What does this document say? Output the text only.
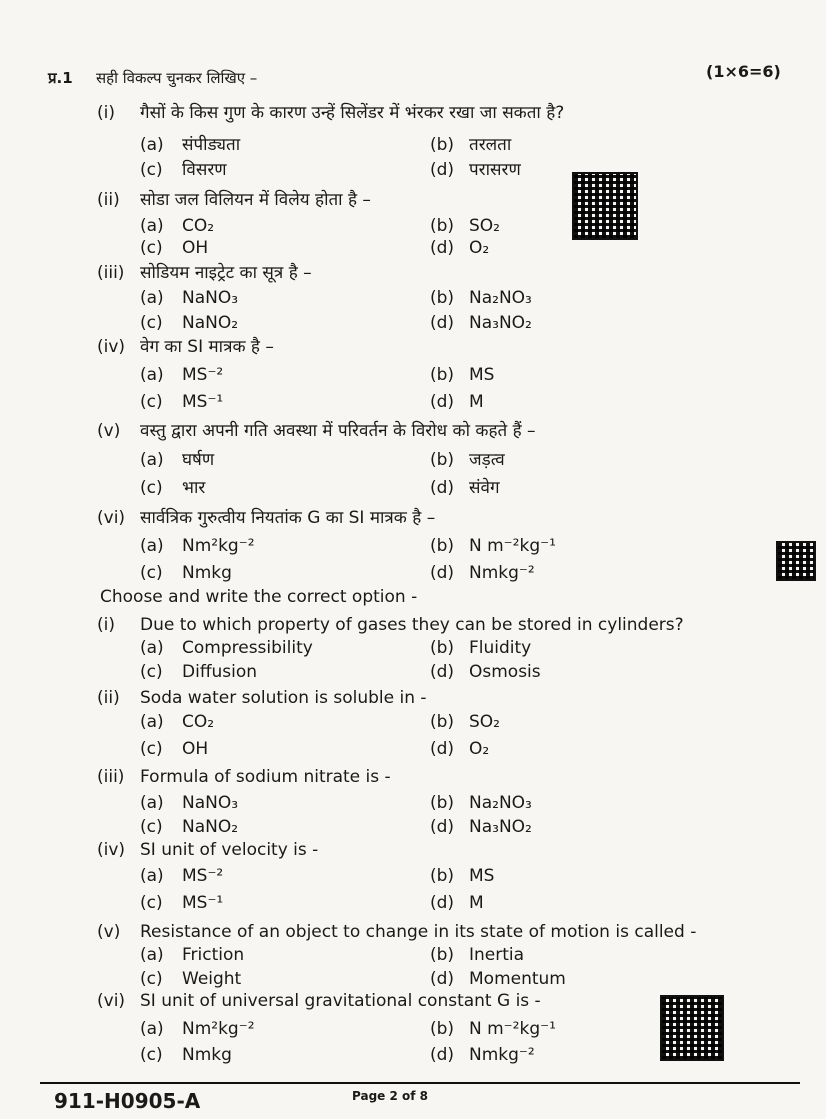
प्र.1 सही विकल्प चुनकर लिखिए –	(1×6=6)
(i) गैसों के किस गुण के कारण उन्हें सिलेंडर में भंरकर रखा जा सकता है?
(a) संपीड्यता	(b) तरलता
(c) विसरण	(d) परासरण
(ii) सोडा जल विलियन में विलेय होता है –
(a) CO₂	(b) SO₂
(c) OH	(d) O₂
(iii) सोडियम नाइट्रेट का सूत्र है –
(a) NaNO₃	(b) Na₂NO₃
(c) NaNO₂	(d) Na₃NO₂
(iv) वेग का SI मात्रक है –
(a) MS⁻²	(b) MS
(c) MS⁻¹	(d) M
(v) वस्तु द्वारा अपनी गति अवस्था में परिवर्तन के विरोध को कहते हैं –
(a) घर्षण	(b) जड़त्व
(c) भार	(d) संवेग
(vi) सार्वत्रिक गुरुत्वीय नियतांक G का SI मात्रक है –
(a) Nm²kg⁻²	(b) N m⁻²kg⁻¹
(c) Nmkg	(d) Nmkg⁻²
Choose and write the correct option -
(i) Due to which property of gases they can be stored in cylinders?
(a) Compressibility	(b) Fluidity
(c) Diffusion	(d) Osmosis
(ii) Soda water solution is soluble in -
(a) CO₂	(b) SO₂
(c) OH	(d) O₂
(iii) Formula of sodium nitrate is -
(a) NaNO₃	(b) Na₂NO₃
(c) NaNO₂	(d) Na₃NO₂
(iv) SI unit of velocity is -
(a) MS⁻²	(b) MS
(c) MS⁻¹	(d) M
(v) Resistance of an object to change in its state of motion is called -
(a) Friction	(b) Inertia
(c) Weight	(d) Momentum
(vi) SI unit of universal gravitational constant G is -
(a) Nm²kg⁻²	(b) N m⁻²kg⁻¹
(c) Nmkg	(d) Nmkg⁻²
911-H0905-A	Page 2 of 8
